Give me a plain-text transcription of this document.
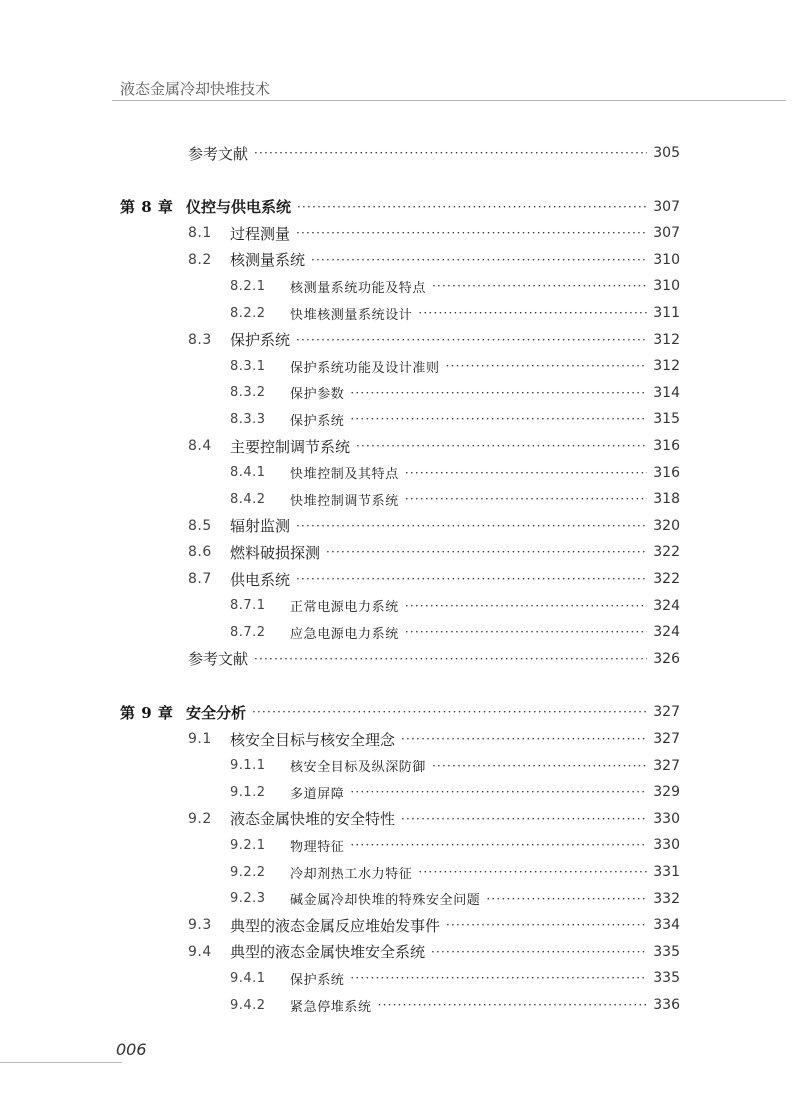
液态金属冷却快堆技术
参考文献 ·····	305
第 8 章 仪控与供电系统 ·····	307
8.1	过程测量 ·····	307
8.2	核测量系统 ·····	310
8.2.1	核测量系统功能及特点 ·····	310
8.2.2	快堆核测量系统设计 ·····	311
8.3	保护系统 ·····	312
8.3.1	保护系统功能及设计准则 ·····	312
8.3.2	保护参数 ·····	314
8.3.3	保护系统 ·····	315
8.4	主要控制调节系统 ·····	316
8.4.1	快堆控制及其特点 ·····	316
8.4.2	快堆控制调节系统 ·····	318
8.5	辐射监测 ·····	320
8.6	燃料破损探测 ·····	322
8.7	供电系统 ·····	322
8.7.1	正常电源电力系统 ·····	324
8.7.2	应急电源电力系统 ·····	324
参考文献 ·····	326
第 9 章 安全分析 ·····	327
9.1	核安全目标与核安全理念 ·····	327
9.1.1	核安全目标及纵深防御 ·····	327
9.1.2	多道屏障 ·····	329
9.2	液态金属快堆的安全特性 ·····	330
9.2.1	物理特征 ·····	330
9.2.2	冷却剂热工水力特征 ·····	331
9.2.3	碱金属冷却快堆的特殊安全问题 ·····	332
9.3	典型的液态金属反应堆始发事件 ·····	334
9.4	典型的液态金属快堆安全系统 ·····	335
9.4.1	保护系统 ·····	335
9.4.2	紧急停堆系统 ·····	336
006
